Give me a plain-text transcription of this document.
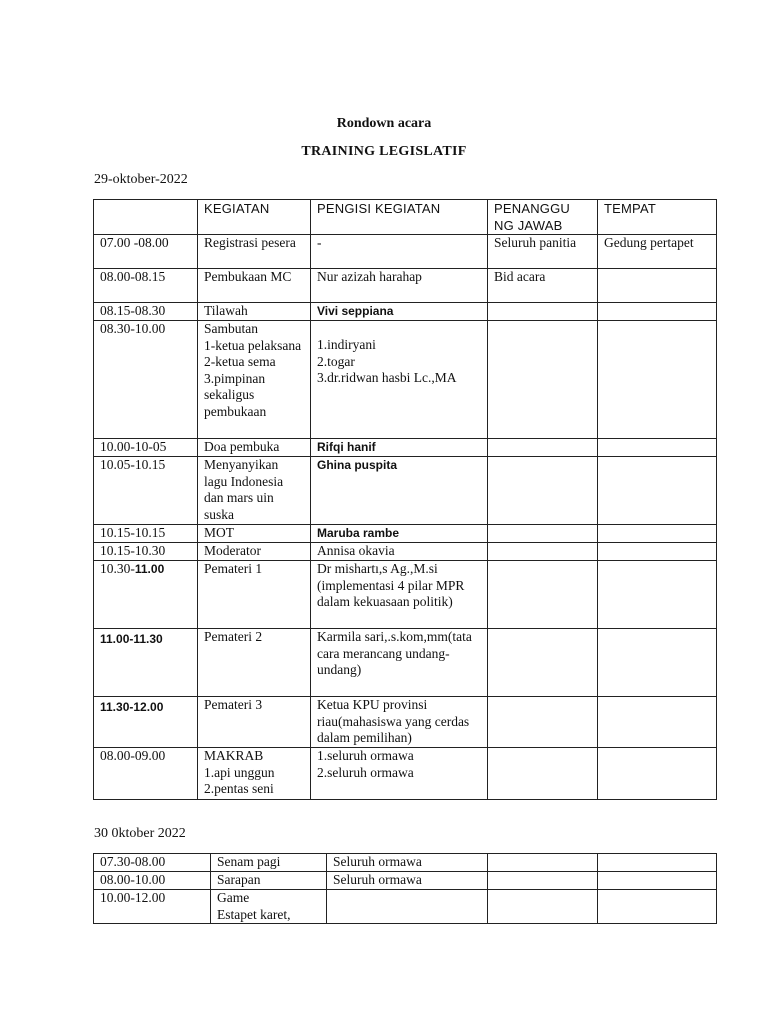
Rondown acara
TRAINING LEGISLATIF
29-oktober-2022
	KEGIATAN	PENGISI KEGIATAN	PENANGGU NG JAWAB	TEMPAT
07.00 -08.00	Registrasi pesera	-	Seluruh panitia	Gedung pertapet
08.00-08.15	Pembukaan MC	Nur azizah harahap	Bid acara	
08.15-08.30	Tilawah	Vivi seppiana		
08.30-10.00	Sambutan
1-ketua pelaksana
2-ketua sema
3.pimpinan sekaligus pembukaan	1.indiryani
2.togar
3.dr.ridwan hasbi Lc.,MA		

10.00-10-05	Doa pembuka	Rifqi hanif		
10.05-10.15	Menyanyikan lagu Indonesia dan mars uin suska	Ghina puspita		
10.15-10.15	MOT	Maruba rambe		
10.15-10.30	Moderator	Annisa okavia		
10.30-11.00	Pemateri 1	Dr mishartı,s Ag.,M.si (implementasi 4 pilar MPR dalam kekuasaan politik)		
11.00-11.30	Pemateri 2	Karmila sari,.s.kom,mm(tata cara merancang undang-undang)		
11.30-12.00	Pemateri 3	Ketua KPU provinsi riau(mahasiswa yang cerdas dalam pemilihan)		
08.00-09.00	MAKRAB
1.api unggun
2.pentas seni	1.seluruh ormawa
2.seluruh ormawa		

30 0ktober 2022
07.30-08.00	Senam pagi	Seluruh ormawa		
08.00-10.00	Sarapan	Seluruh ormawa		
10.00-12.00	Game
Estapet karet,			
